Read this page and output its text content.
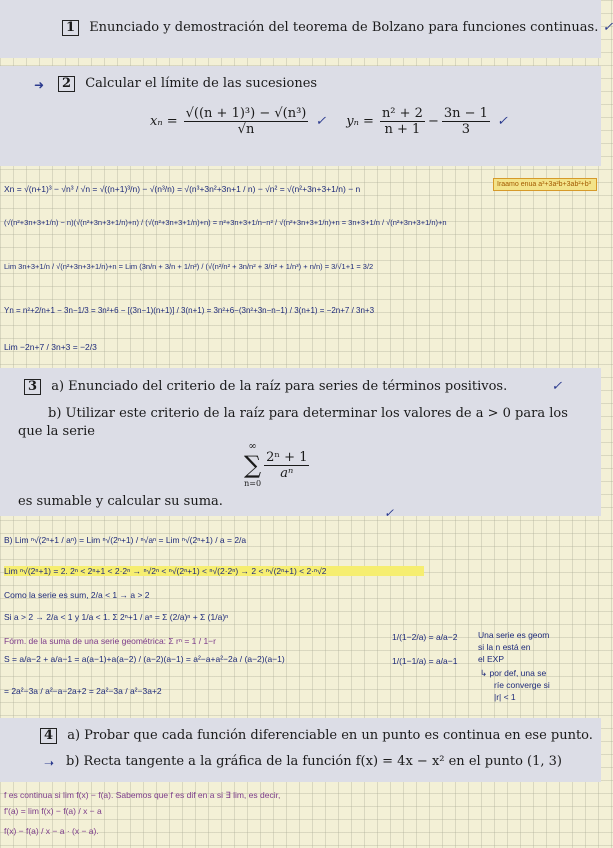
1 Enunciado y demostración del teorema de Bolzano para funciones continuas. ✓
➜	2 Calcular el límite de las sucesiones
$x_n = \frac{\text{√((n + 1)³) − √(n³)}}{√n}$ ✓ $y_n = \frac{\text{n² + 2}}{n + 1} - \frac{3n - 1}{3}$ ✓
Xn = √(n+1)³ − √n³ / √n = √((n+1)³/n) − √(n³/n) = √(n³+3n²+3n+1 / n) − √n² = √(n²+3n+3+1/n) − n	Iraamo enua a³+3a²b+3ab²+b³
(√(n²+3n+3+1/n) − n)(√(n²+3n+3+1/n)+n) / (√(n²+3n+3+1/n)+n) = n²+3n+3+1/n−n² / √(n²+3n+3+1/n)+n = 3n+3+1/n / √(n²+3n+3+1/n)+n
Lim 3n+3+1/n / √(n²+3n+3+1/n)+n = Lim (3n/n + 3/n + 1/n²) / (√(n²/n² + 3n/n² + 3/n² + 1/n³) + n/n) = 3/√1+1 = 3/2
Yn = n²+2/n+1 − 3n−1/3 = 3n²+6 − [(3n−1)(n+1)] / 3(n+1) = 3n²+6−(3n²+3n−n−1) / 3(n+1) = −2n+7 / 3n+3
Lim −2n+7 / 3n+3 = −2/3
3 a) Enunciado del criterio de la raíz para series de términos positivos.	✓
b) Utilizar este criterio de la raíz para determinar los valores de a > 0 para los
que la serie
∞
∑
n=0
$\frac{\text{2ⁿ + 1}}{\text{aⁿ}}$
es sumable y calcular su suma.
✓
B) Lim ⁿ√(2ⁿ+1 / aⁿ) = Lim ⁿ√(2ⁿ+1) / ⁿ√aⁿ = Lim ⁿ√(2ⁿ+1) / a = 2/a
Lim ⁿ√(2ⁿ+1) = 2. 2ⁿ < 2ⁿ+1 < 2·2ⁿ → ⁿ√2ⁿ < ⁿ√(2ⁿ+1) < ⁿ√(2·2ⁿ) → 2 < ⁿ√(2ⁿ+1) < 2·ⁿ√2
Como la serie es sum, 2/a < 1 → a > 2
Si a > 2 → 2/a < 1 y 1/a < 1. Σ 2ⁿ+1 / aⁿ = Σ (2/a)ⁿ + Σ (1/a)ⁿ
Fórm. de la suma de una serie geométrica: Σ rⁿ = 1 / 1−r
S = a/a−2 + a/a−1 = a(a−1)+a(a−2) / (a−2)(a−1) = a²−a+a²−2a / (a−2)(a−1)
= 2a²−3a / a²−a−2a+2 = 2a²−3a / a²−3a+2
1/(1−2/a) = a/a−2
1/(1−1/a) = a/a−1
Una serie es geom
si la n está en
el EXP
↳ por def, una se
ríe converge si
|r| < 1
4 a) Probar que cada función diferenciable en un punto es continua en ese punto.
➝ b) Recta tangente a la gráfica de la función f(x) = 4x − x² en el punto (1, 3)
f es continua si lim f(x) − f(a). Sabemos que f es dif en a si ∃ lim, es decir,
f'(a) = lim f(x) − f(a) / x − a
f(x) − f(a) / x − a · (x − a).
